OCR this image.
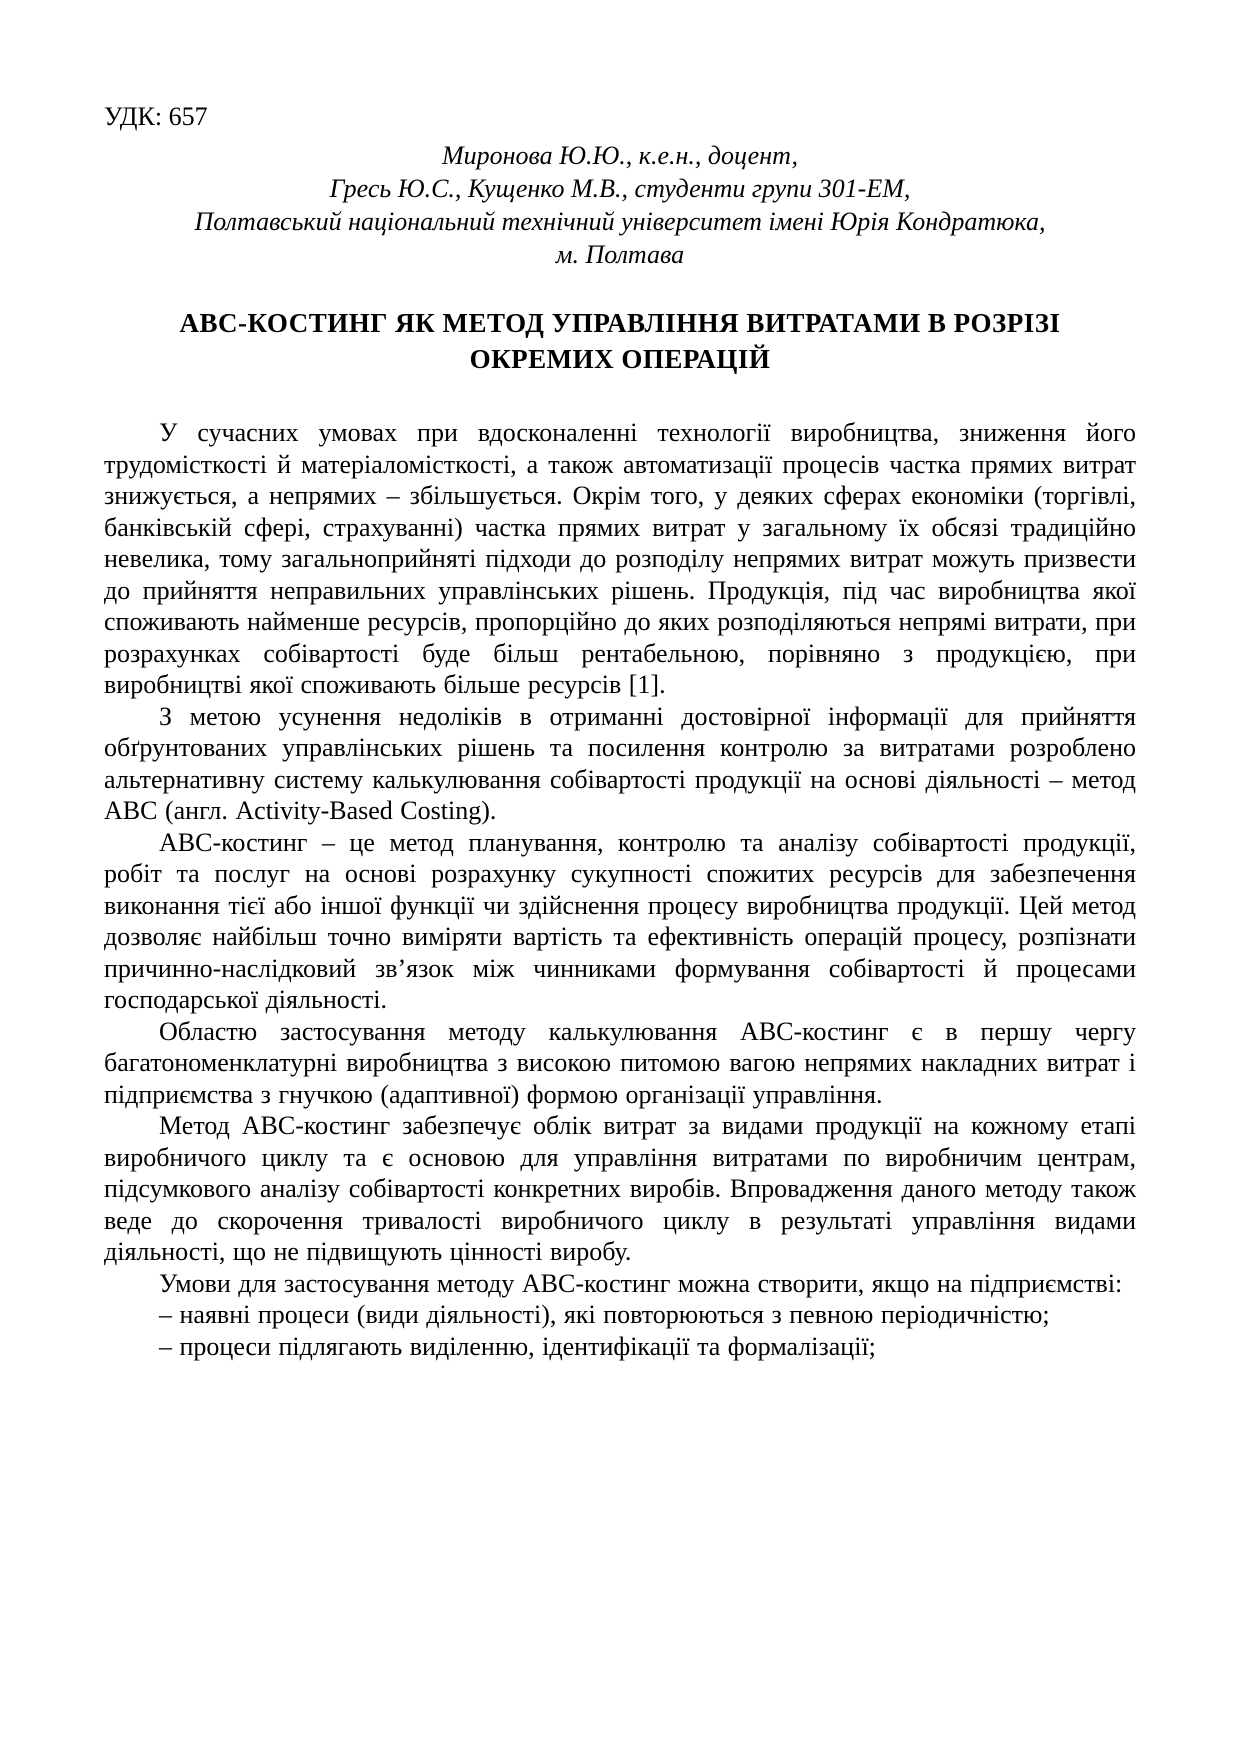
УДК: 657
Миронова Ю.Ю., к.е.н., доцент,
Гресь Ю.С., Кущенко М.В., студенти групи 301-ЕМ,
Полтавський національний технічний університет імені Юрія Кондратюка,
м. Полтава
АВС-КОСТИНГ ЯК МЕТОД УПРАВЛІННЯ ВИТРАТАМИ В РОЗРІЗІ ОКРЕМИХ ОПЕРАЦІЙ

У сучасних умовах при вдосконаленні технології виробництва, зниження його трудомісткості й матеріаломісткості, а також автоматизації процесів частка прямих витрат знижується, а непрямих – збільшується. Окрім того, у деяких сферах економіки (торгівлі, банківській сфері, страхуванні) частка прямих витрат у загальному їх обсязі традиційно невелика, тому загальноприйняті підходи до розподілу непрямих витрат можуть призвести до прийняття неправильних управлінських рішень. Продукція, під час виробництва якої споживають найменше ресурсів, пропорційно до яких розподіляються непрямі витрати, при розрахунках собівартості буде більш рентабельною, порівняно з продукцією, при виробництві якої споживають більше ресурсів [1].

З метою усунення недоліків в отриманні достовірної інформації для прийняття обґрунтованих управлінських рішень та посилення контролю за витратами розроблено альтернативну систему калькулювання собівартості продукції на основі діяльності – метод АВС (англ. Activity-Based Costing).

АВС-костинг – це метод планування, контролю та аналізу собівартості продукції, робіт та послуг на основі розрахунку сукупності спожитих ресурсів для забезпечення виконання тієї або іншої функції чи здійснення процесу виробництва продукції. Цей метод дозволяє найбільш точно виміряти вартість та ефективність операцій процесу, розпізнати причинно-наслідковий зв’язок між чинниками формування собівартості й процесами господарської діяльності.

Областю застосування методу калькулювання АВС-костинг є в першу чергу багатономенклатурні виробництва з високою питомою вагою непрямих накладних витрат і підприємства з гнучкою (адаптивної) формою організації управління.

Метод АВС-костинг забезпечує облік витрат за видами продукції на кожному етапі виробничого циклу та є основою для управління витратами по виробничим центрам, підсумкового аналізу собівартості конкретних виробів. Впровадження даного методу також веде до скорочення тривалості виробничого циклу в результаті управління видами діяльності, що не підвищують цінності виробу.

Умови для застосування методу АВС-костинг можна створити, якщо на підприємстві:

– наявні процеси (види діяльності), які повторюються з певною періодичністю;

– процеси підлягають виділенню, ідентифікації та формалізації;
